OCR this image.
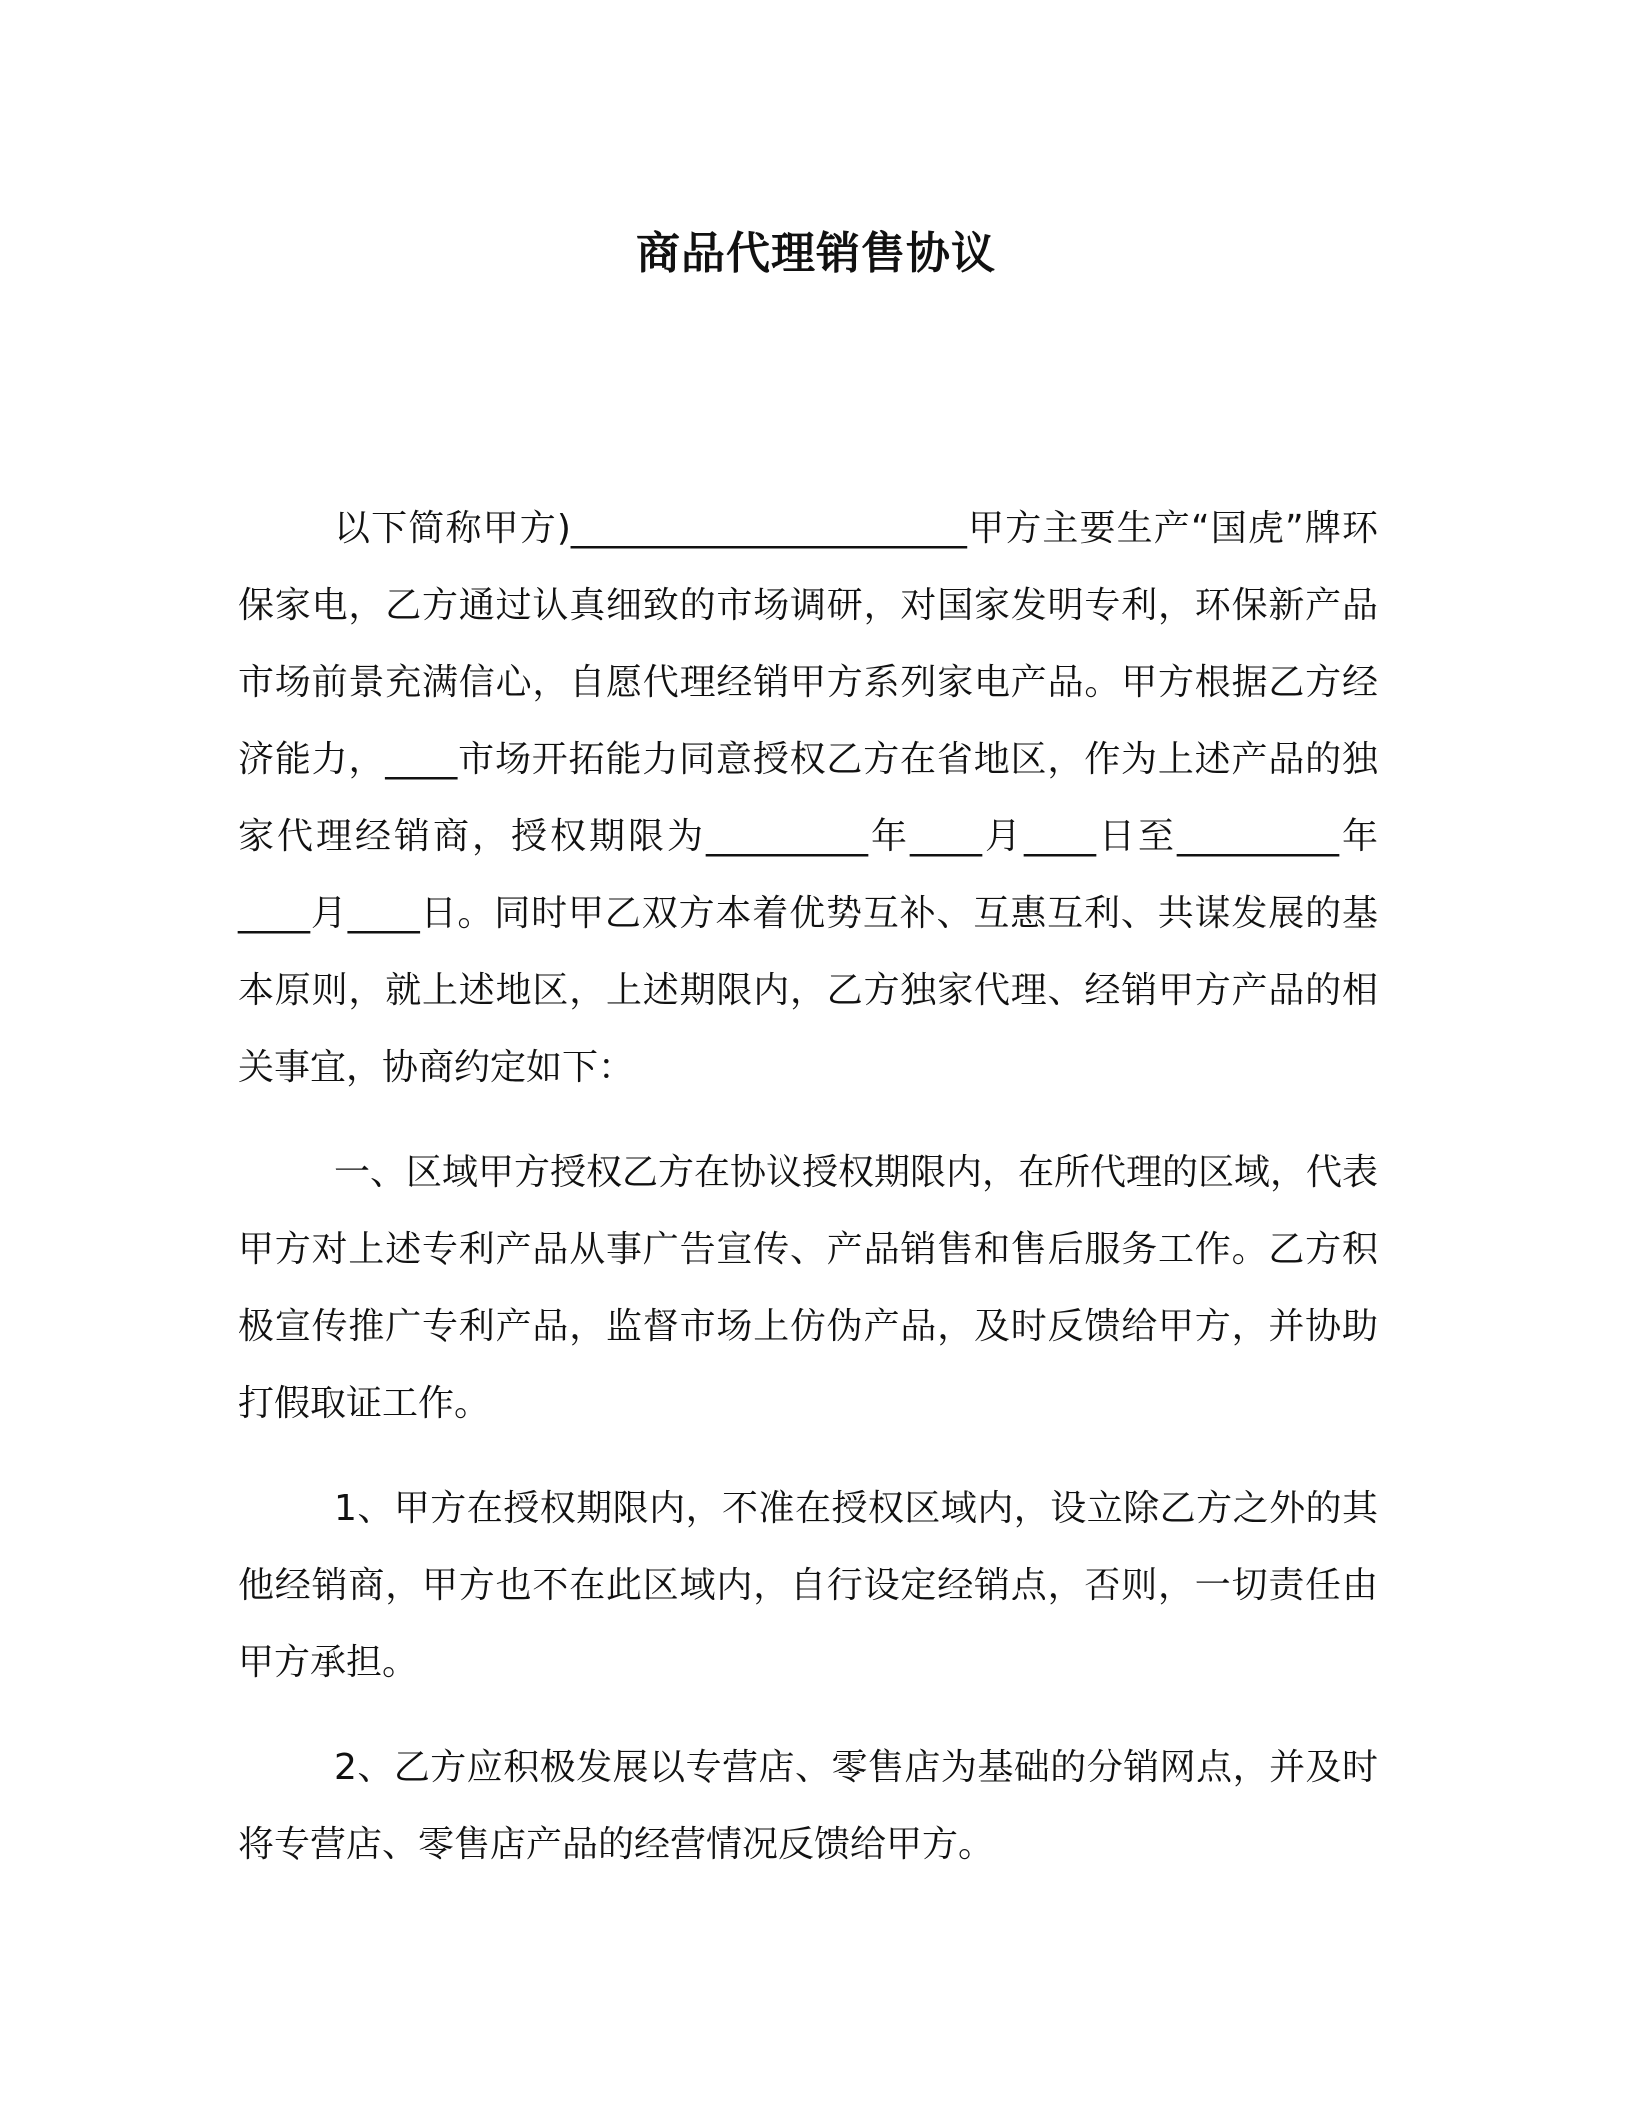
商品代理销售协议

以下简称甲方)______________________甲方主要生产“国虎”牌环保家电，乙方通过认真细致的市场调研，对国家发明专利，环保新产品市场前景充满信心，自愿代理经销甲方系列家电产品。甲方根据乙方经济能力，____市场开拓能力同意授权乙方在省地区，作为上述产品的独家代理经销商，授权期限为_________年____月____日至_________年____月____日。同时甲乙双方本着优势互补、互惠互利、共谋发展的基本原则，就上述地区，上述期限内，乙方独家代理、经销甲方产品的相关事宜，协商约定如下：

一、区域甲方授权乙方在协议授权期限内，在所代理的区域，代表甲方对上述专利产品从事广告宣传、产品销售和售后服务工作。乙方积极宣传推广专利产品，监督市场上仿伪产品，及时反馈给甲方，并协助打假取证工作。

1、甲方在授权期限内，不准在授权区域内，设立除乙方之外的其他经销商，甲方也不在此区域内，自行设定经销点，否则，一切责任由甲方承担。

2、乙方应积极发展以专营店、零售店为基础的分销网点，并及时将专营店、零售店产品的经营情况反馈给甲方。
